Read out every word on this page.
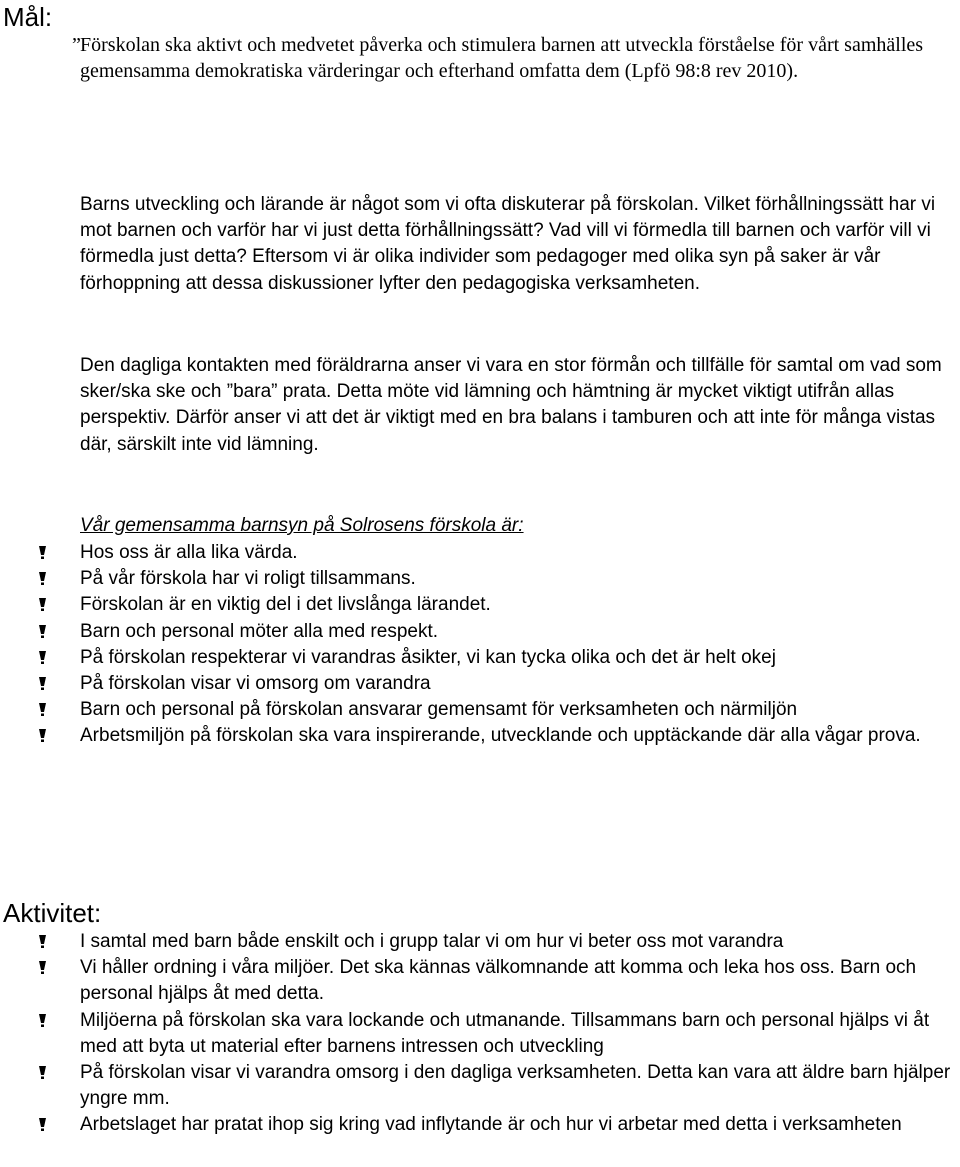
Mål:

” Förskolan ska aktivt och medvetet påverka och stimulera barnen att utveckla förståelse för vårt samhälles gemensamma demokratiska värderingar och efterhand omfatta dem (Lpfö 98:8 rev 2010).

Barns utveckling och lärande är något som vi ofta diskuterar på förskolan. Vilket förhållningssätt har vi mot barnen och varför har vi just detta förhållningssätt? Vad vill vi förmedla till barnen och varför vill vi förmedla just detta? Eftersom vi är olika individer som pedagoger med olika syn på saker är vår förhoppning att dessa diskussioner lyfter den pedagogiska verksamheten.

Den dagliga kontakten med föräldrarna anser vi vara en stor förmån och tillfälle för samtal om vad som sker/ska ske och ”bara” prata. Detta möte vid lämning och hämtning är mycket viktigt utifrån allas perspektiv. Därför anser vi att det är viktigt med en bra balans i tamburen och att inte för många vistas där, särskilt inte vid lämning.

Vår gemensamma barnsyn på Solrosens förskola är:

Hos oss är alla lika värda.
På vår förskola har vi roligt tillsammans.
Förskolan är en viktig del i det livslånga lärandet.
Barn och personal möter alla med respekt.
På förskolan respekterar vi varandras åsikter, vi kan tycka olika och det är helt okej
På förskolan visar vi omsorg om varandra
Barn och personal på förskolan ansvarar gemensamt för verksamheten och närmiljön
Arbetsmiljön på förskolan ska vara inspirerande, utvecklande och upptäckande där alla vågar prova.
Aktivitet:
I samtal med barn både enskilt och i grupp talar vi om hur vi beter oss mot varandra
Vi håller ordning i våra miljöer. Det ska kännas välkomnande att komma och leka hos oss. Barn och personal hjälps åt med detta.
Miljöerna på förskolan ska vara lockande och utmanande. Tillsammans barn och personal hjälps vi åt med att byta ut material efter barnens intressen och utveckling
På förskolan visar vi varandra omsorg i den dagliga verksamheten. Detta kan vara att äldre barn hjälper yngre mm.
Arbetslaget har pratat ihop sig kring vad inflytande är och hur vi arbetar med detta i verksamheten
